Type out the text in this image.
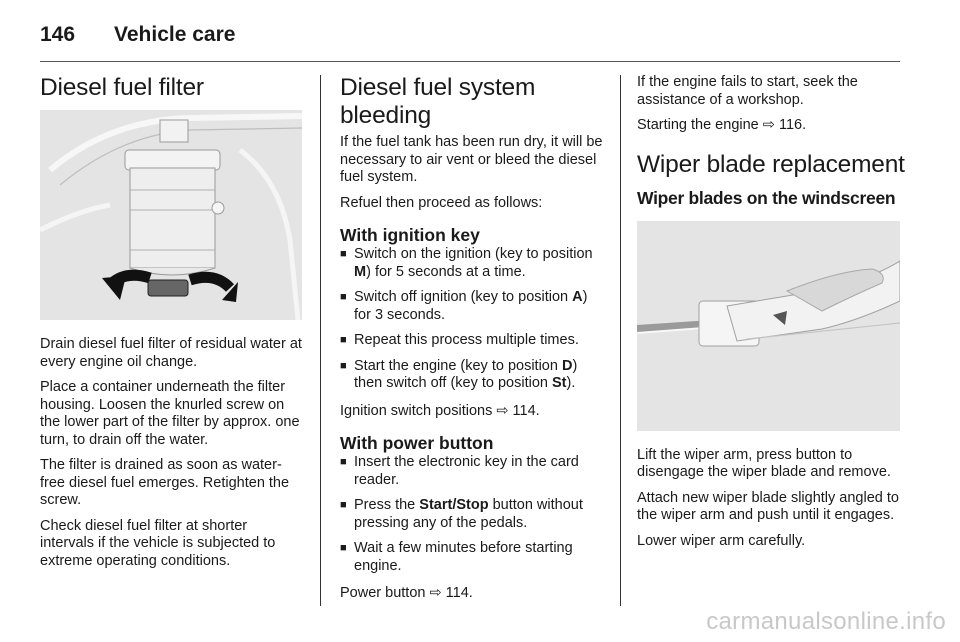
146	Vehicle care
Diesel fuel filter

Drain diesel fuel filter of residual water at every engine oil change.

Place a container underneath the filter housing. Loosen the knurled screw on the lower part of the filter by approx. one turn, to drain off the water.

The filter is drained as soon as water-free diesel fuel emerges. Retighten the screw.

Check diesel fuel filter at shorter intervals if the vehicle is subjected to extreme operating conditions.

Diesel fuel system bleeding

If the fuel tank has been run dry, it will be necessary to air vent or bleed the diesel fuel system.

Refuel then proceed as follows:

With ignition key
■ Switch on the ignition (key to position M) for 5 seconds at a time.
■ Switch off ignition (key to position A) for 3 seconds.
■ Repeat this process multiple times.
■ Start the engine (key to position D) then switch off (key to position St).

Ignition switch positions ⇨ 114.

With power button
■ Insert the electronic key in the card reader.
■ Press the Start/Stop button without pressing any of the pedals.
■ Wait a few minutes before starting engine.

Power button ⇨ 114.

If the engine fails to start, seek the assistance of a workshop.

Starting the engine ⇨ 116.

Wiper blade replacement
Wiper blades on the windscreen

Lift the wiper arm, press button to disengage the wiper blade and remove.

Attach new wiper blade slightly angled to the wiper arm and push until it engages.

Lower wiper arm carefully.

carmanualsonline.info
